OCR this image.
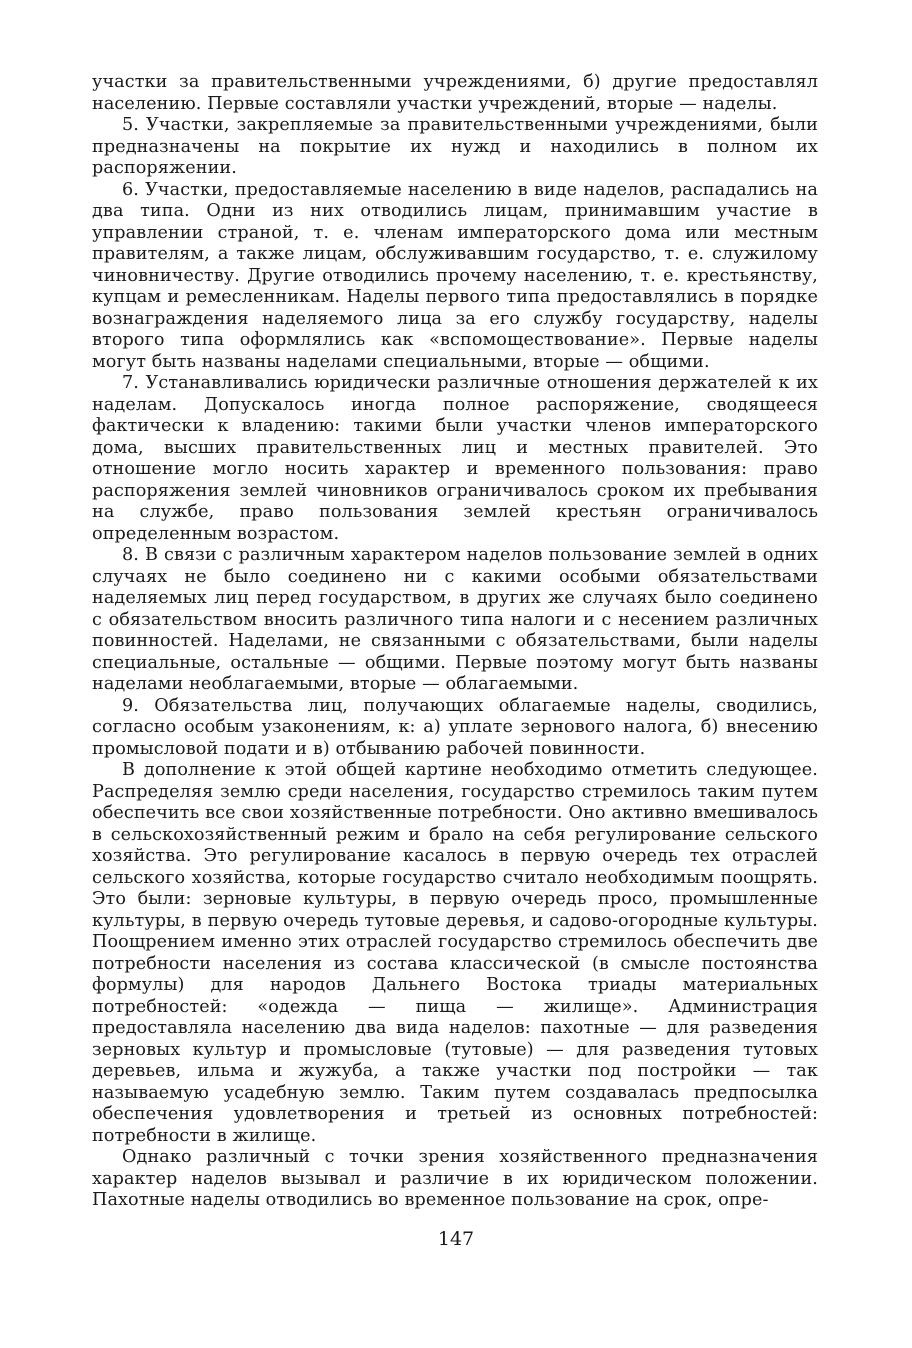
участки за правительственными учреждениями, б) другие предоставлял населению. Первые составляли участки учреждений, вторые — наделы.

5. Участки, закрепляемые за правительственными учреждениями, были предназначены на покрытие их нужд и находились в полном их распоряжении.

6. Участки, предоставляемые населению в виде наделов, распадались на два типа. Одни из них отводились лицам, принимавшим участие в управлении страной, т. е. членам императорского дома или местным правителям, а также лицам, обслуживавшим государство, т. е. служилому чиновничеству. Другие отводились прочему населению, т. е. крестьянству, купцам и ремесленникам. Наделы первого типа предоставлялись в порядке вознаграждения наделяемого лица за его службу государству, наделы второго типа оформлялись как «вспомоществование». Первые наделы могут быть названы наделами специальными, вторые — общими.

7. Устанавливались юридически различные отношения держателей к их наделам. Допускалось иногда полное распоряжение, сводящееся фактически к владению: такими были участки членов императорского дома, высших правительственных лиц и местных правителей. Это отношение могло носить характер и временного пользования: право распоряжения землей чиновников ограничивалось сроком их пребывания на службе, право пользования землей крестьян ограничивалось определенным возрастом.

8. В связи с различным характером наделов пользование землей в одних случаях не было соединено ни с какими особыми обязательствами наделяемых лиц перед государством, в других же случаях было соединено с обязательством вносить различного типа налоги и с несением различных повинностей. Наделами, не связанными с обязательствами, были наделы специальные, остальные — общими. Первые поэтому могут быть названы наделами необлагаемыми, вторые — облагаемыми.

9. Обязательства лиц, получающих облагаемые наделы, сводились, согласно особым узаконениям, к: а) уплате зернового налога, б) внесению промысловой подати и в) отбыванию рабочей повинности.

В дополнение к этой общей картине необходимо отметить следующее. Распределяя землю среди населения, государство стремилось таким путем обеспечить все свои хозяйственные потребности. Оно активно вмешивалось в сельскохозяйственный режим и брало на себя регулирование сельского хозяйства. Это регулирование касалось в первую очередь тех отраслей сельского хозяйства, которые государство считало необходимым поощрять. Это были: зерновые культуры, в первую очередь просо, промышленные культуры, в первую очередь тутовые деревья, и садово-огородные культуры. Поощрением именно этих отраслей государство стремилось обеспечить две потребности населения из состава классической (в смысле постоянства формулы) для народов Дальнего Востока триады материальных потребностей: «одежда — пища — жилище». Администрация предоставляла населению два вида наделов: пахотные — для разведения зерновых культур и промысловые (тутовые) — для разведения тутовых деревьев, ильма и жужуба, а также участки под постройки — так называемую усадебную землю. Таким путем создавалась предпосылка обеспечения удовлетворения и третьей из основных потребностей: потребности в жилище.

Однако различный с точки зрения хозяйственного предназначения характер наделов вызывал и различие в их юридическом положении. Пахотные наделы отводились во временное пользование на срок, опре-

147
